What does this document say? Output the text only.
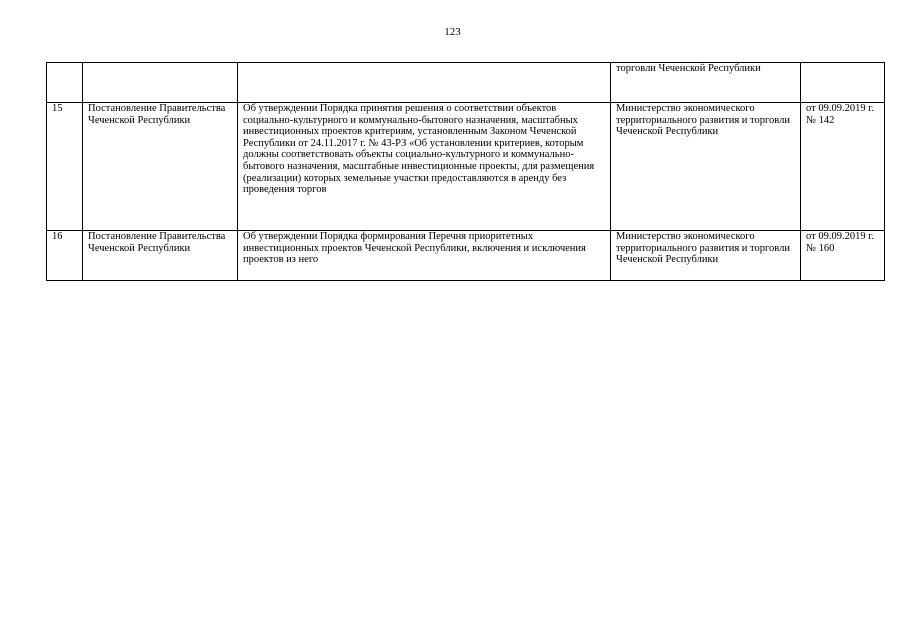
123

			торговли Чеченской Республики	

15	Постановление Правительства Чеченской Республики	Об утверждении Порядка принятия решения о соответствии объектов социально-культурного и коммунально-бытового назначения, масштабных инвестиционных проектов критериям, установленным Законом Чеченской Республики от 24.11.2017 г. № 43-РЗ «Об установлении критериев, которым должны соответствовать объекты социально-культурного и коммунально-бытового назначения, масштабные инвестиционные проекты, для размещения (реализации) которых земельные участки предоставляются в аренду без проведения торгов	Министерство экономического территориального развития и торговли Чеченской Республики	от 09.09.2019 г. № 142

16	Постановление Правительства Чеченской Республики	Об утверждении Порядка формирования Перечня приоритетных инвестиционных проектов Чеченской Республики, включения и исключения проектов из него	Министерство экономического территориального развития и торговли Чеченской Республики	от 09.09.2019 г. № 160
